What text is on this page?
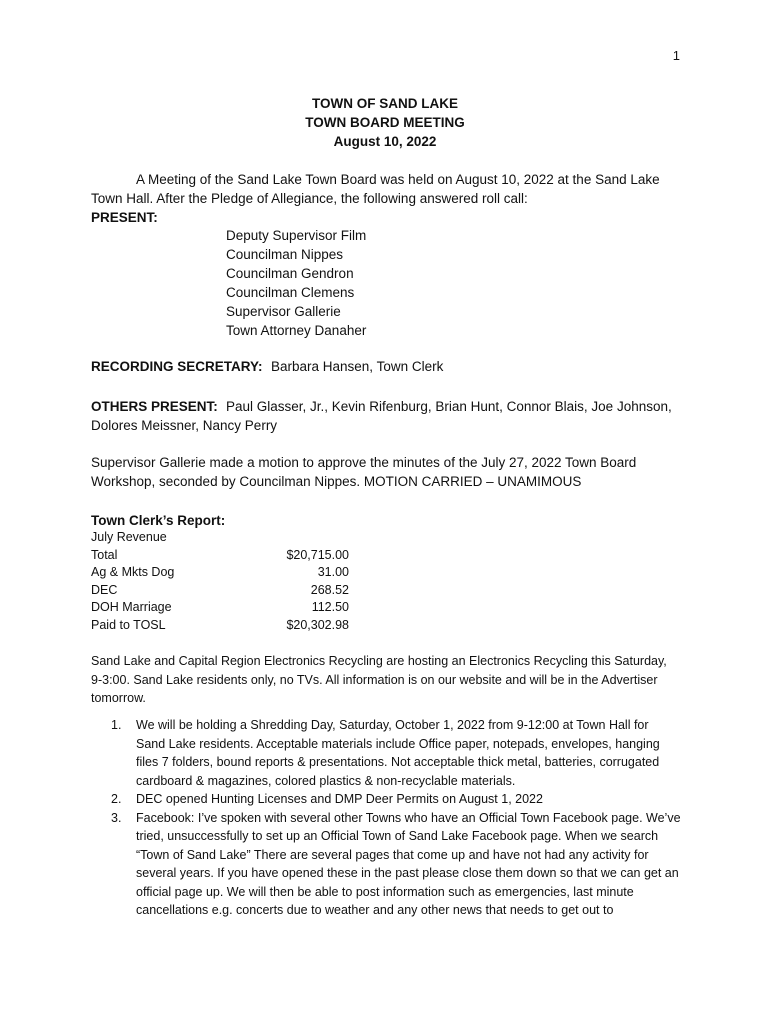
1
TOWN OF SAND LAKE
TOWN BOARD MEETING
August 10, 2022
A Meeting of the Sand Lake Town Board was held on August 10, 2022 at the Sand Lake Town Hall. After the Pledge of Allegiance, the following answered roll call:
PRESENT:
Deputy Supervisor Film
Councilman Nippes
Councilman Gendron
Councilman Clemens
Supervisor Gallerie
Town Attorney Danaher
RECORDING SECRETARY: Barbara Hansen, Town Clerk
OTHERS PRESENT: Paul Glasser, Jr., Kevin Rifenburg, Brian Hunt, Connor Blais, Joe Johnson, Dolores Meissner, Nancy Perry
Supervisor Gallerie made a motion to approve the minutes of the July 27, 2022 Town Board Workshop, seconded by Councilman Nippes. MOTION CARRIED – UNAMIMOUS
Town Clerk’s Report:
July Revenue
Total	$20,715.00
Ag & Mkts Dog	31.00
DEC	268.52
DOH Marriage	112.50
Paid to TOSL	$20,302.98
Sand Lake and Capital Region Electronics Recycling are hosting an Electronics Recycling this Saturday, 9-3:00. Sand Lake residents only, no TVs. All information is on our website and will be in the Advertiser tomorrow.
1. We will be holding a Shredding Day, Saturday, October 1, 2022 from 9-12:00 at Town Hall for Sand Lake residents. Acceptable materials include Office paper, notepads, envelopes, hanging files 7 folders, bound reports & presentations. Not acceptable thick metal, batteries, corrugated cardboard & magazines, colored plastics & non-recyclable materials.
2. DEC opened Hunting Licenses and DMP Deer Permits on August 1, 2022
3. Facebook: I’ve spoken with several other Towns who have an Official Town Facebook page. We’ve tried, unsuccessfully to set up an Official Town of Sand Lake Facebook page. When we search “Town of Sand Lake” There are several pages that come up and have not had any activity for several years. If you have opened these in the past please close them down so that we can get an official page up. We will then be able to post information such as emergencies, last minute cancellations e.g. concerts due to weather and any other news that needs to get out to
